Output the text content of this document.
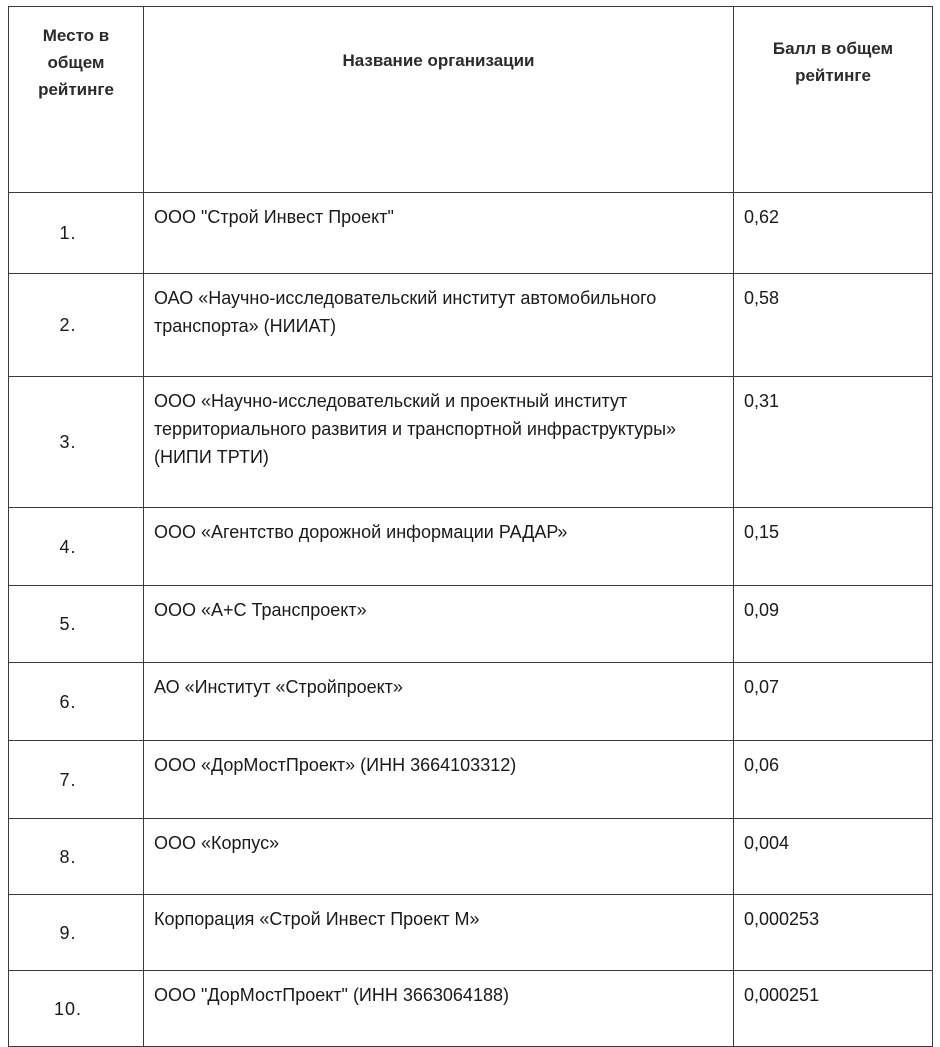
Место в общем рейтинге	Название организации	Балл в общем рейтинге
1.	ООО "Строй Инвест Проект"	0,62
2.	ОАО «Научно-исследовательский институт автомобильного транспорта» (НИИАТ)	0,58
3.	ООО «Научно-исследовательский и проектный институт территориального развития и транспортной инфраструктуры» (НИПИ ТРТИ)	0,31
4.	ООО «Агентство дорожной информации РАДАР»	0,15
5.	ООО «А+С Транспроект»	0,09
6.	АО «Институт «Стройпроект»	0,07
7.	ООО «ДорМостПроект» (ИНН 3664103312)	0,06
8.	ООО «Корпус»	0,004
9.	Корпорация «Строй Инвест Проект М»	0,000253
10.	ООО "ДорМостПроект" (ИНН 3663064188)	0,000251
